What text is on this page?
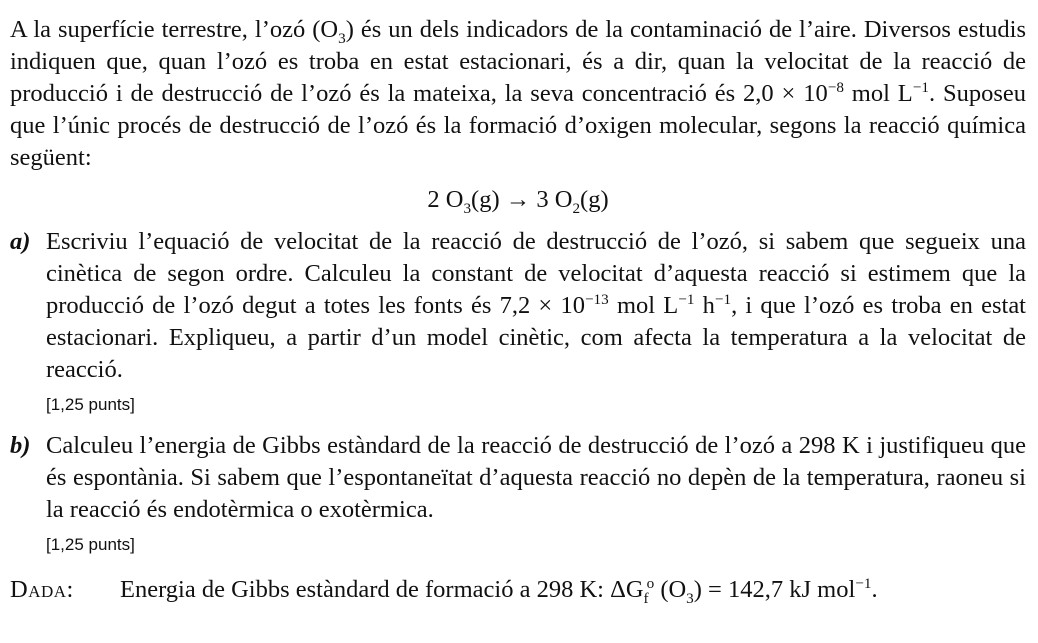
A la superfície terrestre, l’ozó $(O_3)$ és un dels indicadors de la contaminació de l’aire. Diversos estudis indiquen que, quan l’ozó es troba en estat estacionari, és a dir, quan la velocitat de la reacció de producció i de destrucció de l’ozó és la mateixa, la seva concentració és $2,0 \times 10^{-8}$ mol $L^{-1}$. Suposeu que l’únic procés de destrucció de l’ozó és la formació d’oxigen molecular, segons la reacció química següent:

2 $O_3(g) \to 3$ $O_2(g)$
a) Escriviu l’equació de velocitat de la reacció de destrucció de l’ozó, si sabem que segueix una cinètica de segon ordre. Calculeu la constant de velocitat d’aquesta reacció si estimem que la producció de l’ozó degut a totes les fonts és $7,2 \times 10^{-13}$ mol $L^{-1}$ $h^{-1}$, i que l’ozó es troba en estat estacionari. Expliqueu, a partir d’un model cinètic, com afecta la temperatura a la velocitat de reacció.
[1,25 punts]
b) Calculeu l’energia de Gibbs estàndard de la reacció de destrucció de l’ozó a 298 K i justifiqueu que és espontània. Si sabem que l’espontaneïtat d’aquesta reacció no depèn de la temperatura, raoneu si la reacció és endotèrmica o exotèrmica.
[1,25 punts]
Dada:	Energia de Gibbs estàndard de formació a 298 K: $\Delta G_f^o$ $(O_3) = 142,7$ kJ mol$^{-1}$.
